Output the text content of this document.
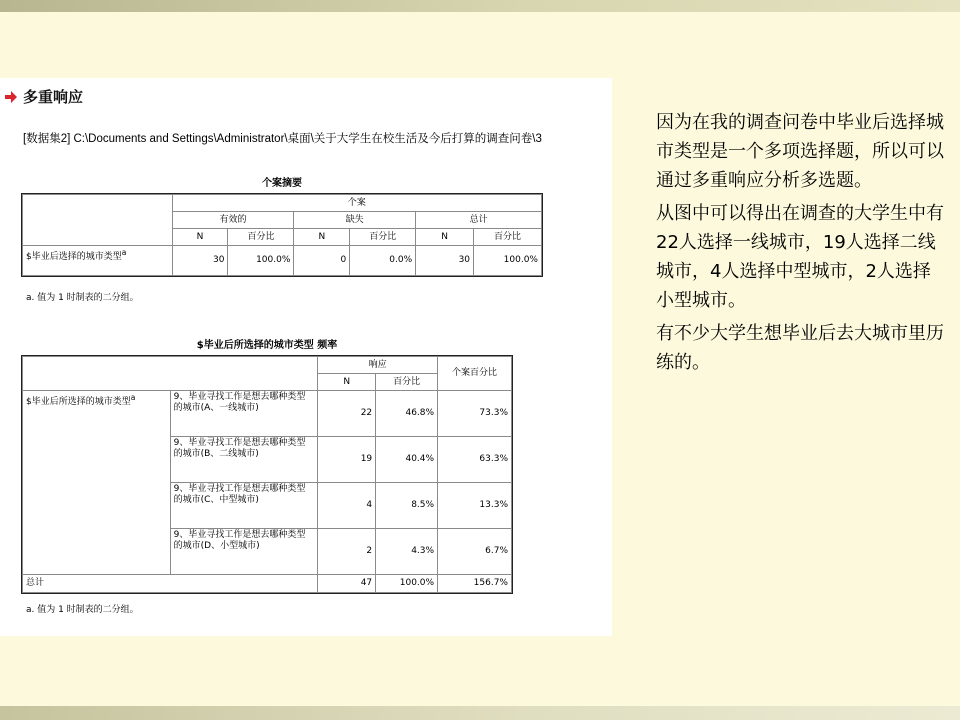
多重响应
[数据集2] C:\Documents and Settings\Administrator\桌面\关于大学生在校生活及今后打算的调查问卷\3
个案摘要
	个案					
	有效的		缺失		总计	
	N	百分比	N	百分比	N	百分比
$毕业后选择的城市类型$^a$	30	100.0%	0	0.0%	30	100.0%
a. 值为 1 时制表的二分组。
$毕业后所选择的城市类型 频率
		响应		个案百分比
		N	百分比	
$毕业后所选择的城市类型$^a$	9、毕业寻找工作是想去哪种类型的城市(A、一线城市)	22	46.8%	73.3%
	9、毕业寻找工作是想去哪种类型的城市(B、二线城市)	19	40.4%	63.3%
	9、毕业寻找工作是想去哪种类型的城市(C、中型城市)	4	8.5%	13.3%
	9、毕业寻找工作是想去哪种类型的城市(D、小型城市)	2	4.3%	6.7%
总计		47	100.0%	156.7%
a. 值为 1 时制表的二分组。

因为在我的调查问卷中毕业后选择城市类型是一个多项选择题，所以可以通过多重响应分析多选题。

从图中可以得出在调查的大学生中有22人选择一线城市，19人选择二线城市，4人选择中型城市，2人选择小型城市。

有不少大学生想毕业后去大城市里历练的。
